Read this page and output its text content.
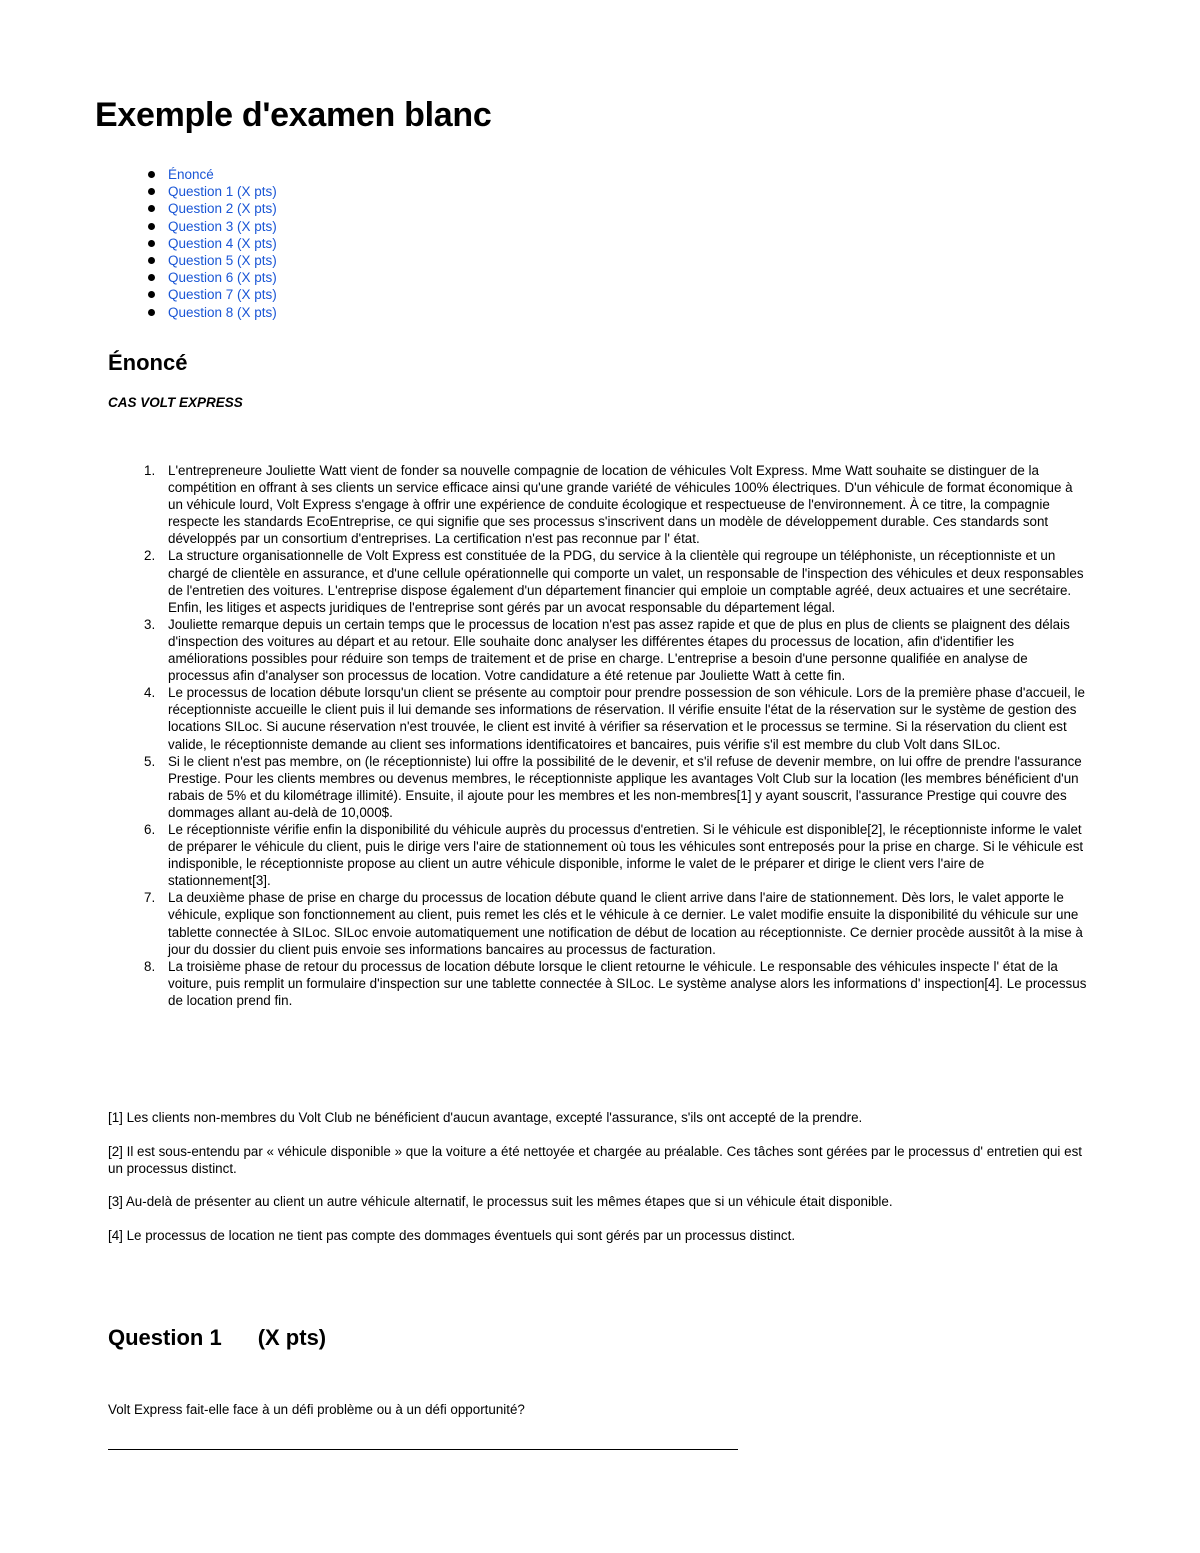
Exemple d'examen blanc
Énoncé
Question 1 (X pts)
Question 2 (X pts)
Question 3 (X pts)
Question 4 (X pts)
Question 5 (X pts)
Question 6 (X pts)
Question 7 (X pts)
Question 8 (X pts)
Énoncé

CAS VOLT EXPRESS

1. L'entrepreneure Jouliette Watt vient de fonder sa nouvelle compagnie de location de véhicules Volt Express. Mme Watt souhaite se distinguer de la compétition en offrant à ses clients un service efficace ainsi qu'une grande variété de véhicules 100% électriques. D'un véhicule de format économique à un véhicule lourd, Volt Express s'engage à offrir une expérience de conduite écologique et respectueuse de l'environnement. À ce titre, la compagnie respecte les standards EcoEntreprise, ce qui signifie que ses processus s'inscrivent dans un modèle de développement durable. Ces standards sont développés par un consortium d'entreprises. La certification n'est pas reconnue par l' état.
2. La structure organisationnelle de Volt Express est constituée de la PDG, du service à la clientèle qui regroupe un téléphoniste, un réceptionniste et un chargé de clientèle en assurance, et d'une cellule opérationnelle qui comporte un valet, un responsable de l'inspection des véhicules et deux responsables de l'entretien des voitures. L'entreprise dispose également d'un département financier qui emploie un comptable agréé, deux actuaires et une secrétaire. Enfin, les litiges et aspects juridiques de l'entreprise sont gérés par un avocat responsable du département légal.
3. Jouliette remarque depuis un certain temps que le processus de location n'est pas assez rapide et que de plus en plus de clients se plaignent des délais d'inspection des voitures au départ et au retour. Elle souhaite donc analyser les différentes étapes du processus de location, afin d'identifier les améliorations possibles pour réduire son temps de traitement et de prise en charge. L'entreprise a besoin d'une personne qualifiée en analyse de processus afin d'analyser son processus de location. Votre candidature a été retenue par Jouliette Watt à cette fin.
4. Le processus de location débute lorsqu'un client se présente au comptoir pour prendre possession de son véhicule. Lors de la première phase d'accueil, le réceptionniste accueille le client puis il lui demande ses informations de réservation. Il vérifie ensuite l'état de la réservation sur le système de gestion des locations SILoc. Si aucune réservation n'est trouvée, le client est invité à vérifier sa réservation et le processus se termine. Si la réservation du client est valide, le réceptionniste demande au client ses informations identificatoires et bancaires, puis vérifie s'il est membre du club Volt dans SILoc.
5. Si le client n'est pas membre, on (le réceptionniste) lui offre la possibilité de le devenir, et s'il refuse de devenir membre, on lui offre de prendre l'assurance Prestige. Pour les clients membres ou devenus membres, le réceptionniste applique les avantages Volt Club sur la location (les membres bénéficient d'un rabais de 5% et du kilométrage illimité). Ensuite, il ajoute pour les membres et les non-membres[1] y ayant souscrit, l'assurance Prestige qui couvre des dommages allant au-delà de 10,000$.
6. Le réceptionniste vérifie enfin la disponibilité du véhicule auprès du processus d'entretien. Si le véhicule est disponible[2], le réceptionniste informe le valet de préparer le véhicule du client, puis le dirige vers l'aire de stationnement où tous les véhicules sont entreposés pour la prise en charge. Si le véhicule est indisponible, le réceptionniste propose au client un autre véhicule disponible, informe le valet de le préparer et dirige le client vers l'aire de stationnement[3].
7. La deuxième phase de prise en charge du processus de location débute quand le client arrive dans l'aire de stationnement. Dès lors, le valet apporte le véhicule, explique son fonctionnement au client, puis remet les clés et le véhicule à ce dernier. Le valet modifie ensuite la disponibilité du véhicule sur une tablette connectée à SILoc. SILoc envoie automatiquement une notification de début de location au réceptionniste. Ce dernier procède aussitôt à la mise à jour du dossier du client puis envoie ses informations bancaires au processus de facturation.
8. La troisième phase de retour du processus de location débute lorsque le client retourne le véhicule. Le responsable des véhicules inspecte l' état de la voiture, puis remplit un formulaire d'inspection sur une tablette connectée à SILoc. Le système analyse alors les informations d' inspection[4]. Le processus de location prend fin.

[1] Les clients non-membres du Volt Club ne bénéficient d'aucun avantage, excepté l'assurance, s'ils ont accepté de la prendre.

[2] Il est sous-entendu par « véhicule disponible » que la voiture a été nettoyée et chargée au préalable. Ces tâches sont gérées par le processus d' entretien qui est un processus distinct.

[3] Au-delà de présenter au client un autre véhicule alternatif, le processus suit les mêmes étapes que si un véhicule était disponible.

[4] Le processus de location ne tient pas compte des dommages éventuels qui sont gérés par un processus distinct.

Question 1 (X pts)

Volt Express fait-elle face à un défi problème ou à un défi opportunité?
